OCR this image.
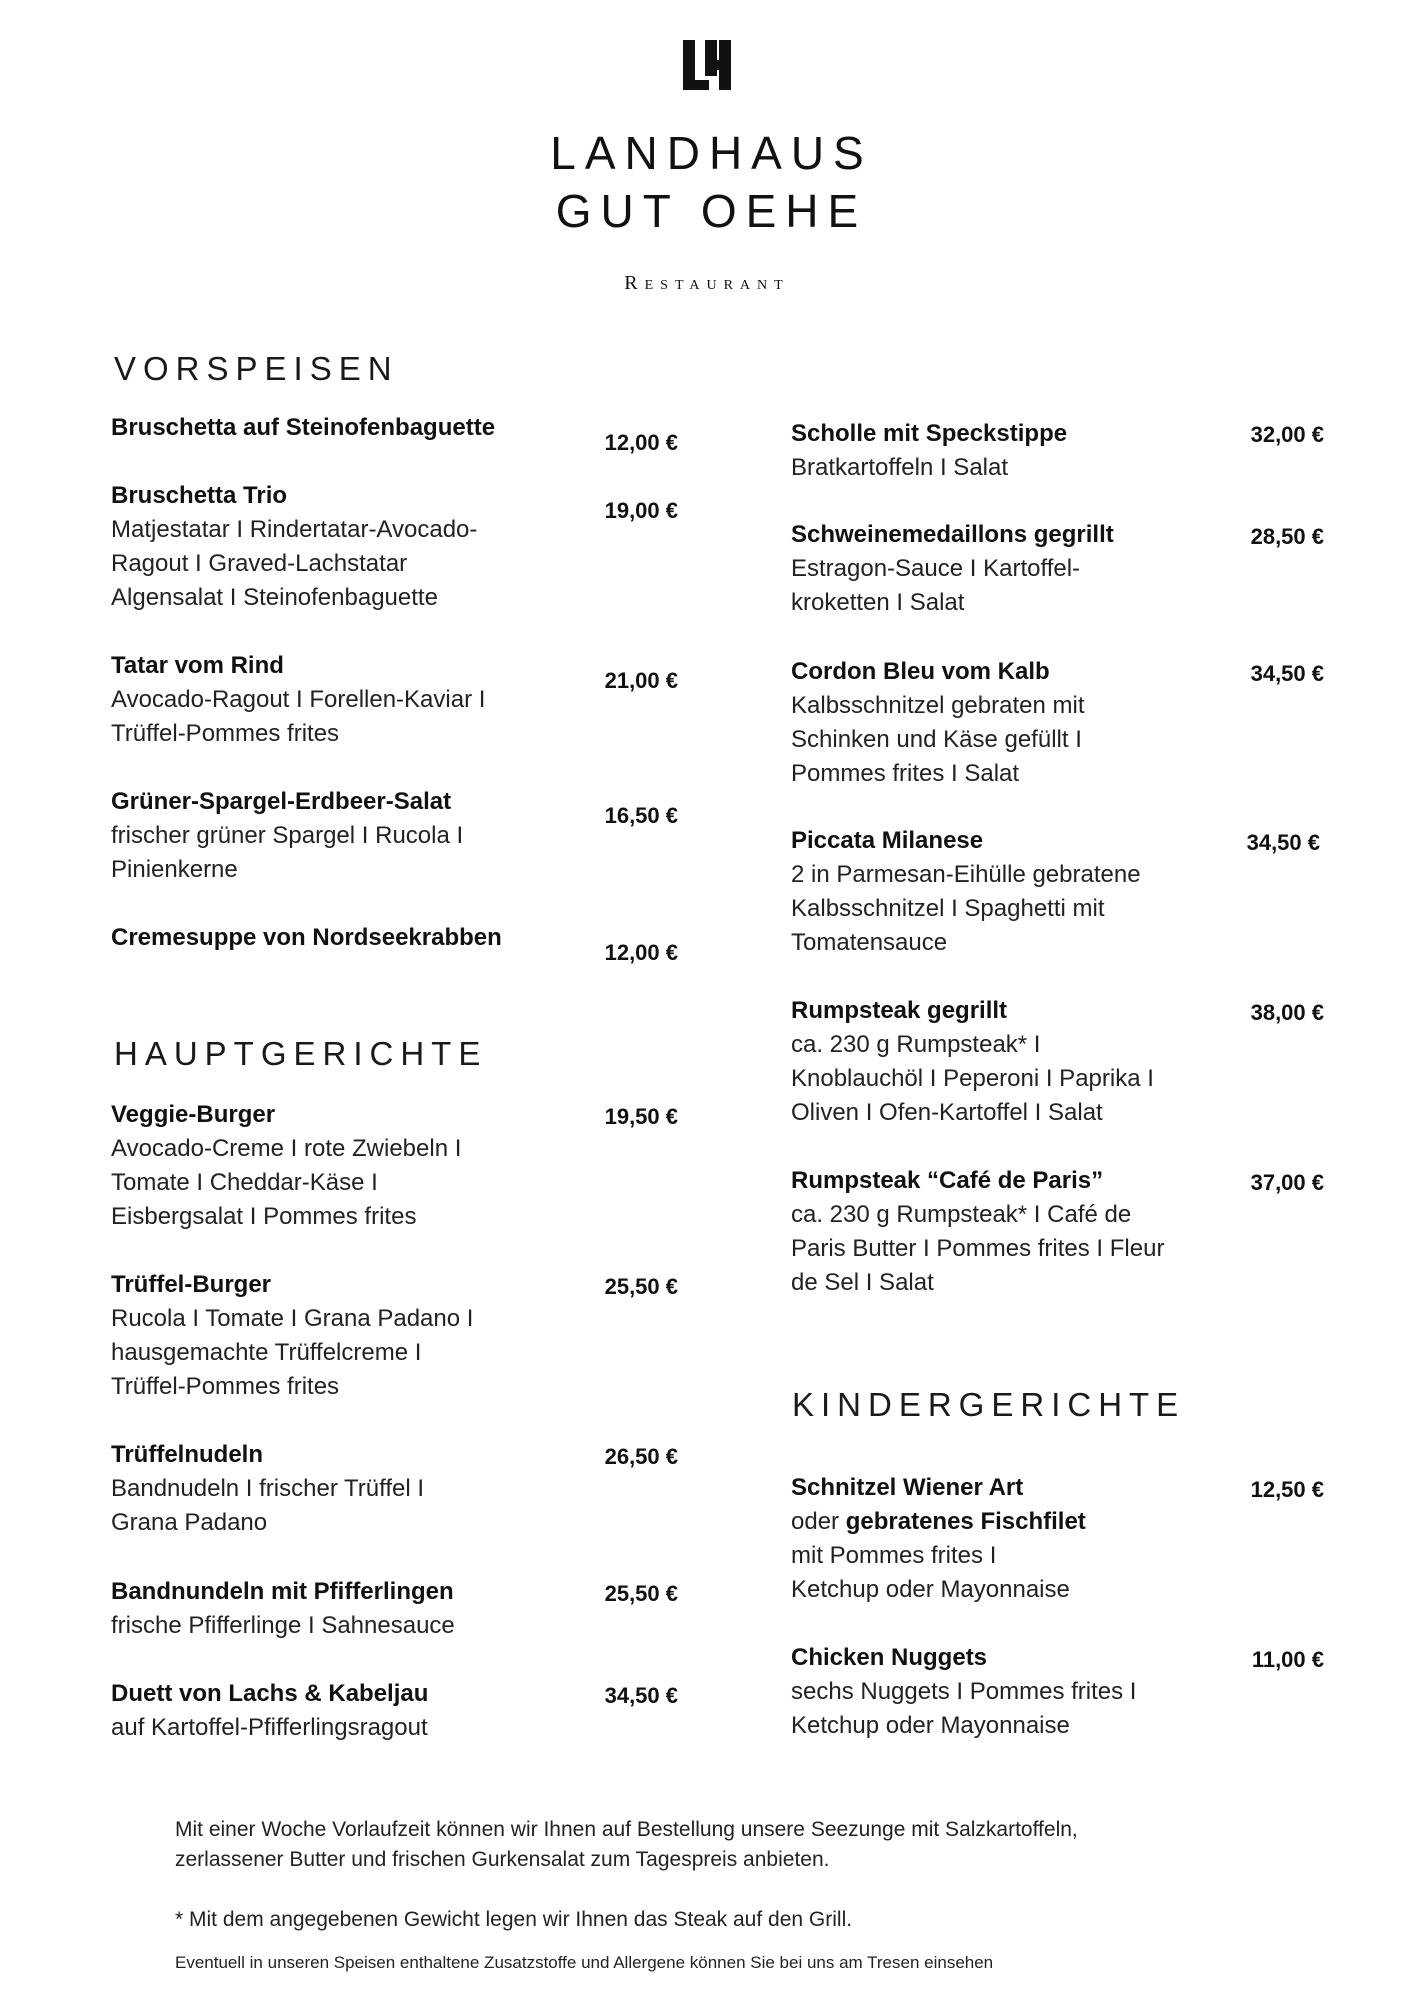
LANDHAUS
GUT OEHE
RESTAURANT
VORSPEISEN
HAUPTGERICHTE
KINDERGERICHTE
Bruschetta auf Steinofenbaguette
12,00 €
Bruschetta Trio
Matjestatar I Rindertatar-Avocado-
Ragout I Graved-Lachstatar
Algensalat I Steinofenbaguette
19,00 €
Tatar vom Rind
Avocado-Ragout I Forellen-Kaviar I
Trüffel-Pommes frites
21,00 €
Grüner-Spargel-Erdbeer-Salat
frischer grüner Spargel I Rucola I
Pinienkerne
16,50 €
Cremesuppe von Nordseekrabben
12,00 €
Veggie-Burger
Avocado-Creme I rote Zwiebeln I
Tomate I Cheddar-Käse I
Eisbergsalat I Pommes frites
19,50 €
Trüffel-Burger
Rucola I Tomate I Grana Padano I
hausgemachte Trüffelcreme I
Trüffel-Pommes frites
25,50 €
Trüffelnudeln
Bandnudeln I frischer Trüffel I
Grana Padano
26,50 €
Bandnundeln mit Pfifferlingen
frische Pfifferlinge I Sahnesauce
25,50 €
Duett von Lachs & Kabeljau
auf Kartoffel-Pfifferlingsragout
34,50 €
Scholle mit Speckstippe
Bratkartoffeln I Salat
32,00 €
Schweinemedaillons gegrillt
Estragon-Sauce I Kartoffel-
kroketten I Salat
28,50 €
Cordon Bleu vom Kalb
Kalbsschnitzel gebraten mit
Schinken und Käse gefüllt I
Pommes frites I Salat
34,50 €
Piccata Milanese
2 in Parmesan-Eihülle gebratene
Kalbsschnitzel I Spaghetti mit
Tomatensauce
34,50 €
Rumpsteak gegrillt
ca. 230 g Rumpsteak* I
Knoblauchöl I Peperoni I Paprika I
Oliven I Ofen-Kartoffel I Salat
38,00 €
Rumpsteak “Café de Paris”
ca. 230 g Rumpsteak* I Café de
Paris Butter I Pommes frites I Fleur
de Sel I Salat
37,00 €
Schnitzel Wiener Art
oder gebratenes Fischfilet
mit Pommes frites I
Ketchup oder Mayonnaise
12,50 €
Chicken Nuggets
sechs Nuggets I Pommes frites I
Ketchup oder Mayonnaise
11,00 €
Mit einer Woche Vorlaufzeit können wir Ihnen auf Bestellung unsere Seezunge mit Salzkartoffeln,
zerlassener Butter und frischen Gurkensalat zum Tagespreis anbieten.
* Mit dem angegebenen Gewicht legen wir Ihnen das Steak auf den Grill.
Eventuell in unseren Speisen enthaltene Zusatzstoffe und Allergene können Sie bei uns am Tresen einsehen
